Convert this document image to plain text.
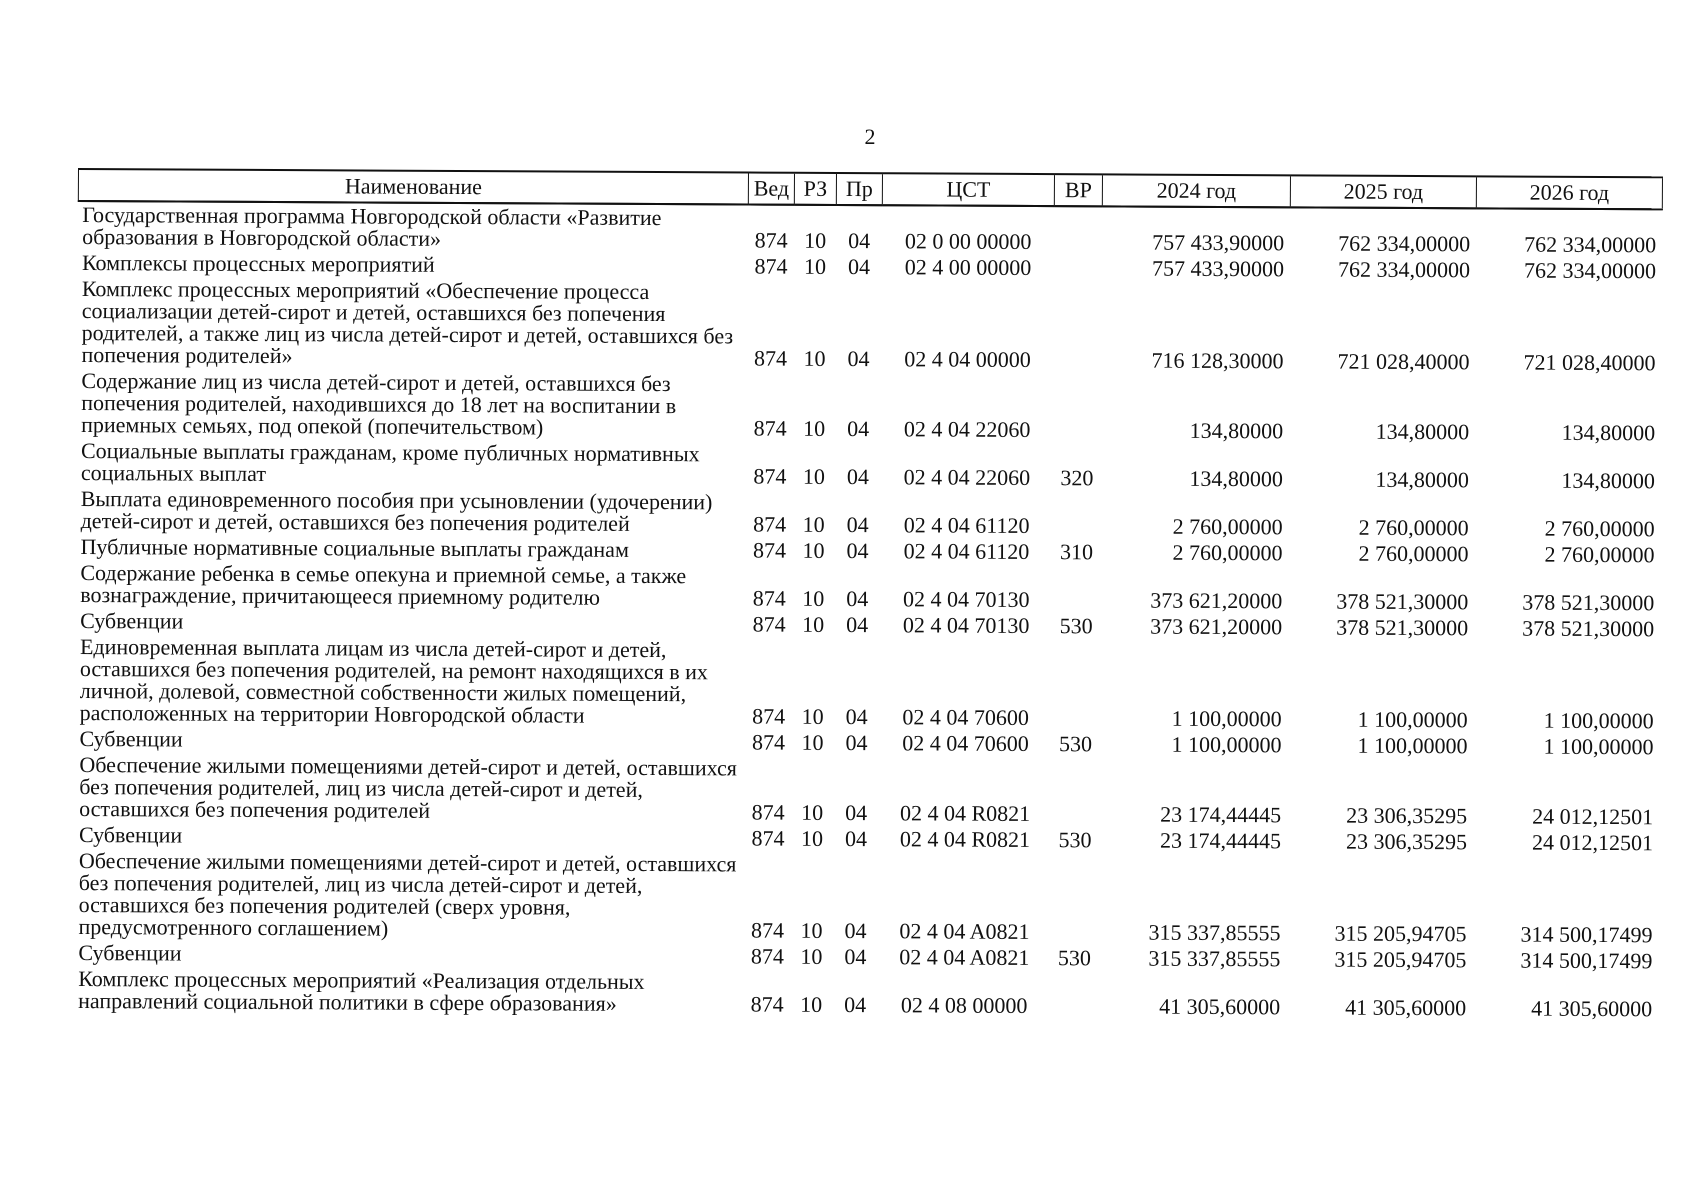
2
Наименование	Вед	РЗ	Пр	ЦСТ	ВР	2024 год	2025 год	2026 год
Государственная программа Новгородской области «Развитие образования в Новгородской области»	874	10	04	02 0 00 00000		757 433,90000	762 334,00000	762 334,00000
Комплексы процессных мероприятий	874	10	04	02 4 00 00000		757 433,90000	762 334,00000	762 334,00000
Комплекс процессных мероприятий «Обеспечение процесса социализации детей-сирот и детей, оставшихся без попечения родителей, а также лиц из числа детей-сирот и детей, оставшихся без попечения родителей»	874	10	04	02 4 04 00000		716 128,30000	721 028,40000	721 028,40000
Содержание лиц из числа детей-сирот и детей, оставшихся без попечения родителей, находившихся до 18 лет на воспитании в приемных семьях, под опекой (попечительством)	874	10	04	02 4 04 22060		134,80000	134,80000	134,80000
Социальные выплаты гражданам, кроме публичных нормативных социальных выплат	874	10	04	02 4 04 22060	320	134,80000	134,80000	134,80000
Выплата единовременного пособия при усыновлении (удочерении) детей-сирот и детей, оставшихся без попечения родителей	874	10	04	02 4 04 61120		2 760,00000	2 760,00000	2 760,00000
Публичные нормативные социальные выплаты гражданам	874	10	04	02 4 04 61120	310	2 760,00000	2 760,00000	2 760,00000
Содержание ребенка в семье опекуна и приемной семье, а также вознаграждение, причитающееся приемному родителю	874	10	04	02 4 04 70130		373 621,20000	378 521,30000	378 521,30000
Субвенции	874	10	04	02 4 04 70130	530	373 621,20000	378 521,30000	378 521,30000
Единовременная выплата лицам из числа детей-сирот и детей, оставшихся без попечения родителей, на ремонт находящихся в их личной, долевой, совместной собственности жилых помещений, расположенных на территории Новгородской области	874	10	04	02 4 04 70600		1 100,00000	1 100,00000	1 100,00000
Субвенции	874	10	04	02 4 04 70600	530	1 100,00000	1 100,00000	1 100,00000
Обеспечение жилыми помещениями детей-сирот и детей, оставшихся без попечения родителей, лиц из числа детей-сирот и детей, оставшихся без попечения родителей	874	10	04	02 4 04 R0821		23 174,44445	23 306,35295	24 012,12501
Субвенции	874	10	04	02 4 04 R0821	530	23 174,44445	23 306,35295	24 012,12501
Обеспечение жилыми помещениями детей-сирот и детей, оставшихся без попечения родителей, лиц из числа детей-сирот и детей, оставшихся без попечения родителей (сверх уровня, предусмотренного соглашением)	874	10	04	02 4 04 A0821		315 337,85555	315 205,94705	314 500,17499
Субвенции	874	10	04	02 4 04 A0821	530	315 337,85555	315 205,94705	314 500,17499
Комплекс процессных мероприятий «Реализация отдельных направлений социальной политики в сфере образования»	874	10	04	02 4 08 00000		41 305,60000	41 305,60000	41 305,60000
